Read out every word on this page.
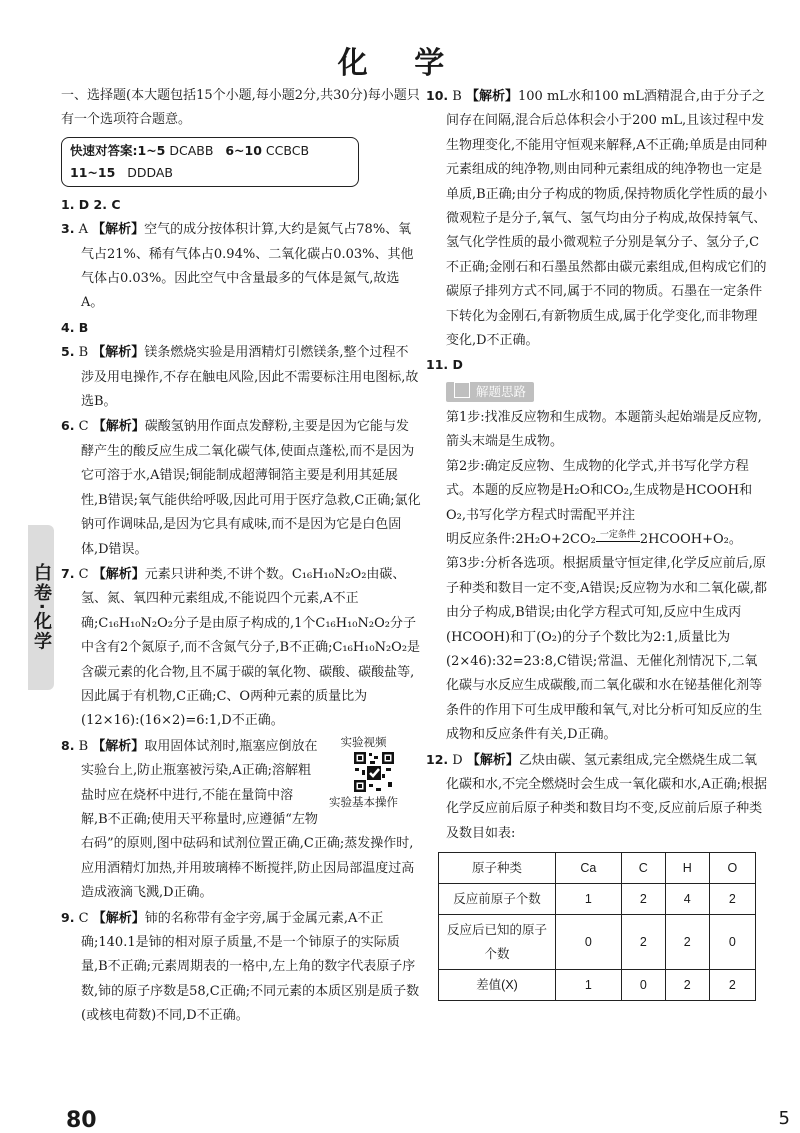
化 学
白卷·化学

一、选择题(本大题包括15个小题,每小题2分,共30分)每小题只有一个选项符合题意。

快速对答案:1~5 DCABB 6~10 CCBCB
11~15 DDDAB

1. D 2. C

3. A 【解析】空气的成分按体积计算,大约是氮气占78%、氧气占21%、稀有气体占0.94%、二氧化碳占0.03%、其他气体占0.03%。因此空气中含量最多的气体是氮气,故选A。

4. B

5. B 【解析】镁条燃烧实验是用酒精灯引燃镁条,整个过程不涉及用电操作,不存在触电风险,因此不需要标注用电图标,故选B。

6. C 【解析】碳酸氢钠用作面点发酵粉,主要是因为它能与发酵产生的酸反应生成二氧化碳气体,使面点蓬松,而不是因为它可溶于水,A错误;铜能制成超薄铜箔主要是利用其延展性,B错误;氧气能供给呼吸,因此可用于医疗急救,C正确;氯化钠可作调味品,是因为它具有咸味,而不是因为它是白色固体,D错误。

7. C 【解析】元素只讲种类,不讲个数。C₁₆H₁₀N₂O₂由碳、氢、氮、氧四种元素组成,不能说四个元素,A不正确;C₁₆H₁₀N₂O₂分子是由原子构成的,1个C₁₆H₁₀N₂O₂分子中含有2个氮原子,而不含氮气分子,B不正确;C₁₆H₁₀N₂O₂是含碳元素的化合物,且不属于碳的氧化物、碳酸、碳酸盐等,因此属于有机物,C正确;C、O两种元素的质量比为(12×16):(16×2)=6:1,D不正确。

实验视频
实验基本操作
8. B 【解析】取用固体试剂时,瓶塞应倒放在实验台上,防止瓶塞被污染,A正确;溶解粗盐时应在烧杯中进行,不能在量筒中溶解,B不正确;使用天平称量时,应遵循“左物右码”的原则,图中砝码和试剂位置正确,C正确;蒸发操作时,应用酒精灯加热,并用玻璃棒不断搅拌,防止因局部温度过高造成液滴飞溅,D正确。

9. C 【解析】铈的名称带有金字旁,属于金属元素,A不正确;140.1是铈的相对原子质量,不是一个铈原子的实际质量,B不正确;元素周期表的一格中,左上角的数字代表原子序数,铈的原子序数是58,C正确;不同元素的本质区别是质子数(或核电荷数)不同,D不正确。

10. B 【解析】100 mL水和100 mL酒精混合,由于分子之间存在间隔,混合后总体积会小于200 mL,且该过程中发生物理变化,不能用守恒观来解释,A不正确;单质是由同种元素组成的纯净物,则由同种元素组成的纯净物也一定是单质,B正确;由分子构成的物质,保持物质化学性质的最小微观粒子是分子,氧气、氢气均由分子构成,故保持氧气、氢气化学性质的最小微观粒子分别是氧分子、氢分子,C不正确;金刚石和石墨虽然都由碳元素组成,但构成它们的碳原子排列方式不同,属于不同的物质。石墨在一定条件下转化为金刚石,有新物质生成,属于化学变化,而非物理变化,D不正确。

11. D

解题思路

第1步:找准反应物和生成物。本题箭头起始端是反应物,箭头末端是生成物。

第2步:确定反应物、生成物的化学式,并书写化学方程式。本题的反应物是H₂O和CO₂,生成物是HCOOH和O₂,书写化学方程式时需配平并注
明反应条件:2H₂O+2CO₂ 一定条件 2HCOOH+O₂。

第3步:分析各选项。根据质量守恒定律,化学反应前后,原子种类和数目一定不变,A错误;反应物为水和二氧化碳,都由分子构成,B错误;由化学方程式可知,反应中生成丙(HCOOH)和丁(O₂)的分子个数比为2:1,质量比为(2×46):32=23:8,C错误;常温、无催化剂情况下,二氧化碳与水反应生成碳酸,而二氧化碳和水在铋基催化剂等条件的作用下可生成甲酸和氧气,对比分析可知反应的生成物和反应条件有关,D正确。

12. D 【解析】乙炔由碳、氢元素组成,完全燃烧生成二氧化碳和水,不完全燃烧时会生成一氧化碳和水,A正确;根据化学反应前后原子种类和数目均不变,反应前后原子种类及数目如表:

原子种类	Ca	C	H	O
反应前原子个数	1	2	4	2
反应后已知的原子个数	0	2	2	0
差值(X)	1	0	2	2
80	5
